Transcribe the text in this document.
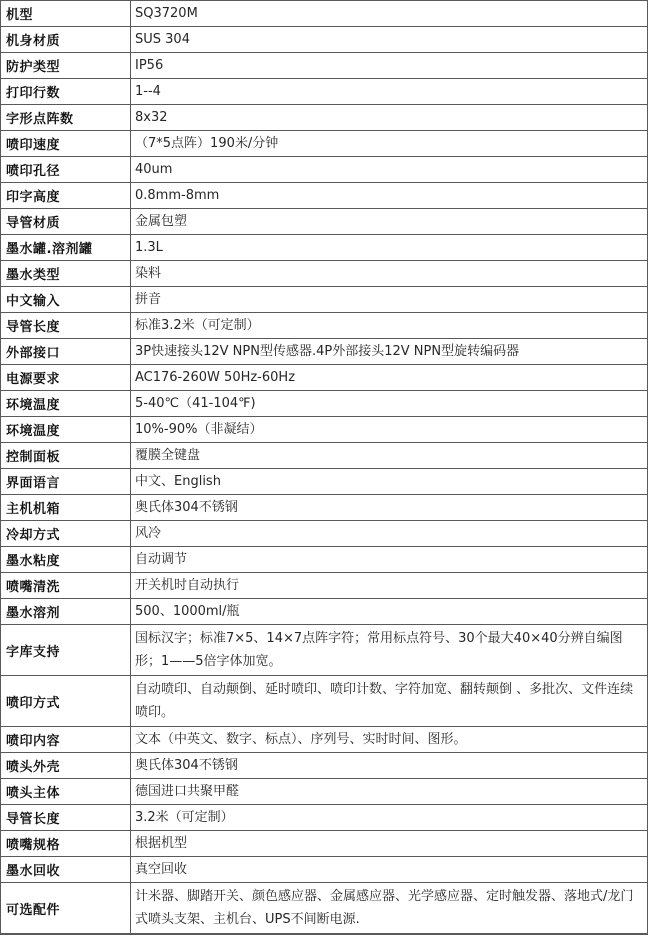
机型	SQ3720M
机身材质	SUS 304
防护类型	IP56
打印行数	1--4
字形点阵数	8x32
喷印速度	（7*5点阵）190米/分钟
喷印孔径	40um
印字高度	0.8mm-8mm
导管材质	金属包塑
墨水罐.溶剂罐	1.3L
墨水类型	染料
中文输入	拼音
导管长度	标准3.2米（可定制）
外部接口	3P快速接头12V NPN型传感器.4P外部接头12V NPN型旋转编码器
电源要求	AC176-260W 50Hz-60Hz
环境温度	5-40℃（41-104℉)
环境温度	10%-90%（非凝结）
控制面板	覆膜全键盘
界面语言	中文、English
主机机箱	奥氏体304不锈钢
冷却方式	风冷
墨水粘度	自动调节
喷嘴清洗	开关机时自动执行
墨水溶剂	500、1000ml/瓶
字库支持	国标汉字；标准7×5、14×7点阵字符；常用标点符号、30个最大40×40分辨自编图形；1——5倍字体加宽。
喷印方式	自动喷印、自动颠倒、延时喷印、喷印计数、字符加宽、翻转颠倒 、多批次、文件连续喷印。
喷印内容	文本（中英文、数字、标点）、序列号、实时时间、图形。
喷头外壳	奥氏体304不锈钢
喷头主体	德国进口共聚甲醛
导管长度	3.2米（可定制）
喷嘴规格	根据机型
墨水回收	真空回收
可选配件	计米器、脚踏开关、颜色感应器、金属感应器、光学感应器、定时触发器、落地式/龙门式喷头支架、主机台、UPS不间断电源.
